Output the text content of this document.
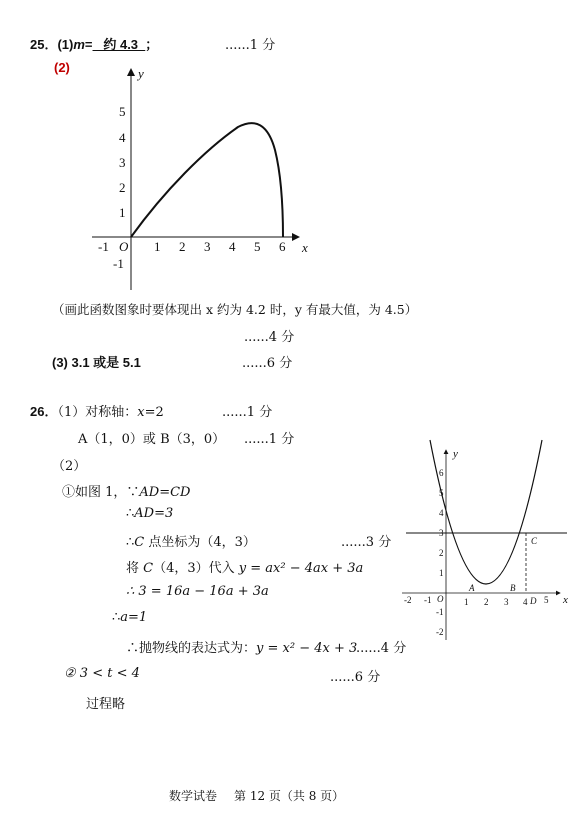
25．(1)m=   约 4.3  ；	......1 分
(2)	y
x
O
-1	1 2 3 4 5 6
5
4
3
2
1
-1
（画此函数图象时要体现出 x 约为 4.2 时，y 有最大值，为 4.5）
......4 分
(3) 3.1 或是 5.1	......6 分
26．（1）对称轴：x=2	......1 分
A（1，0）或 B（3，0） ......1 分
（2）
①如图 1，∵AD=CD
∴AD=3
∴C 点坐标为（4，3）	......3 分
将 C（4，3）代入 y = ax² − 4ax + 3a
∴ 3 = 16a − 16a + 3a
∴a=1
∴抛物线的表达式为：y = x² − 4x + 3
......4 分
② 3 < t < 4	......6 分
过程略
y
x
O
-2 -1	1 2 3 4 5
6
5
4
3
2
1
-1
-2
A	B
C
D
数学试卷 第 12 页（共 8 页）
